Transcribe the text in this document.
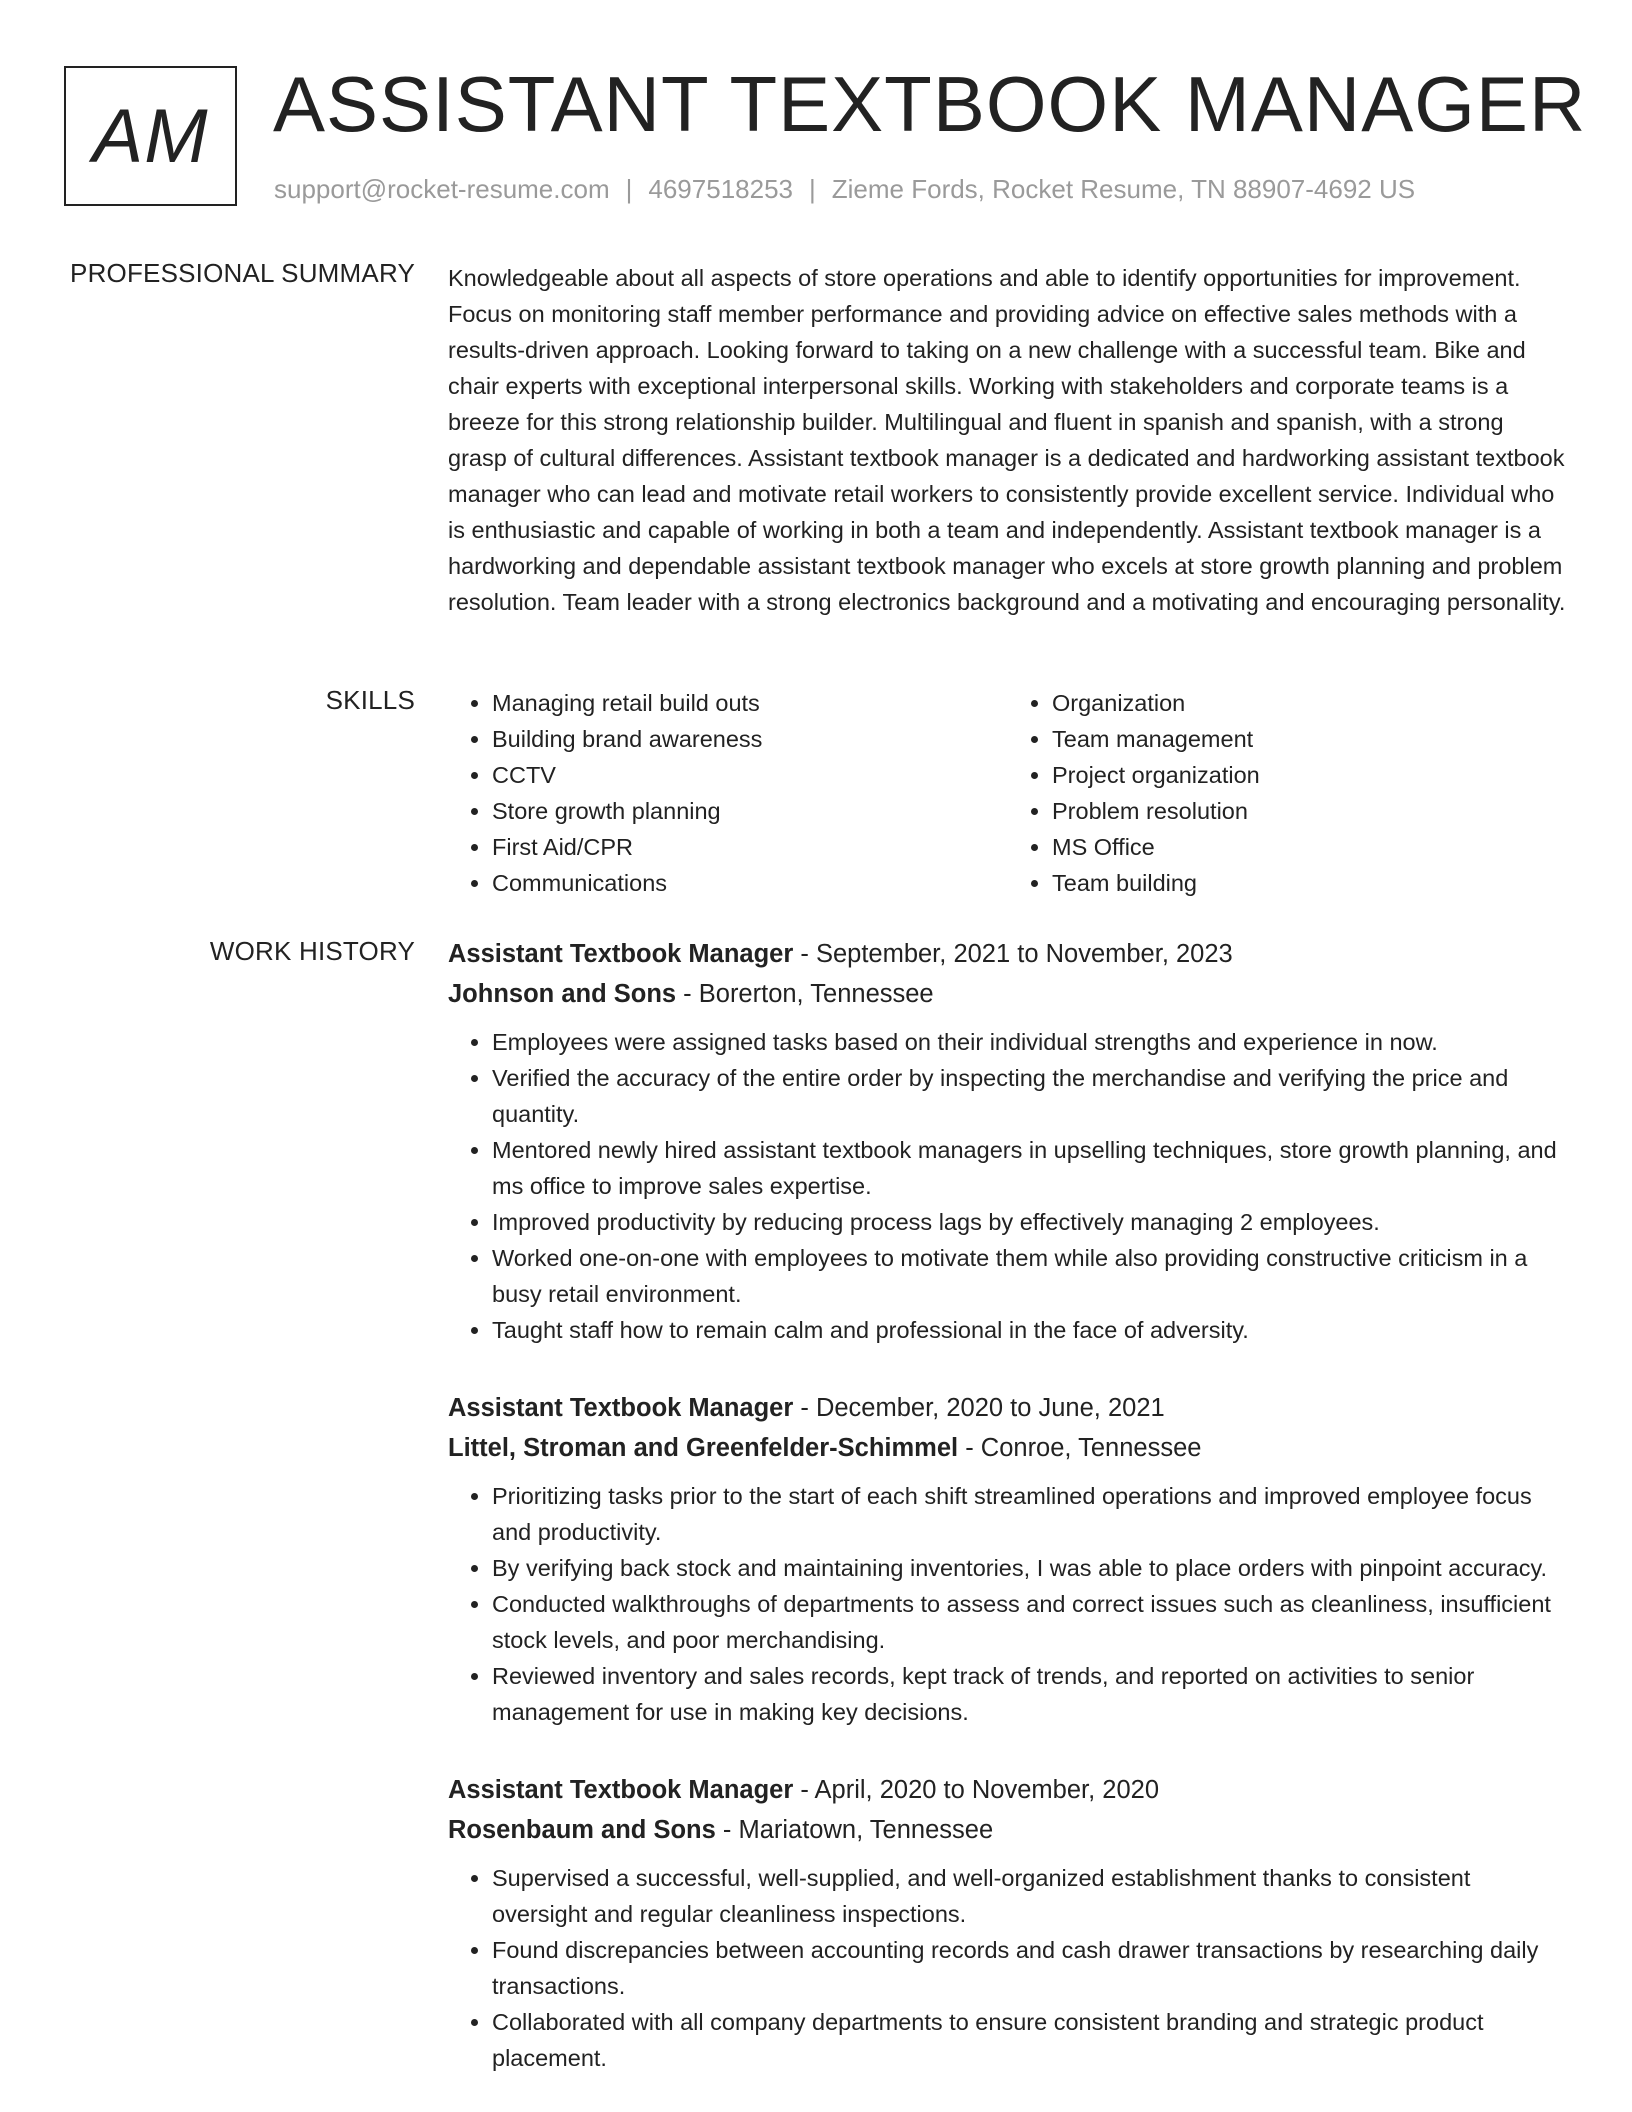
AM ASSISTANT TEXTBOOK MANAGER
support@rocket-resume.com | 4697518253 | Zieme Fords, Rocket Resume, TN 88907-4692 US
PROFESSIONAL SUMMARY Knowledgeable about all aspects of store operations and able to identify opportunities for improvement. Focus on monitoring staff member performance and providing advice on effective sales methods with a results-driven approach. Looking forward to taking on a new challenge with a successful team. Bike and chair experts with exceptional interpersonal skills. Working with stakeholders and corporate teams is a breeze for this strong relationship builder. Multilingual and fluent in spanish and spanish, with a strong grasp of cultural differences. Assistant textbook manager is a dedicated and hardworking assistant textbook manager who can lead and motivate retail workers to consistently provide excellent service. Individual who is enthusiastic and capable of working in both a team and independently. Assistant textbook manager is a hardworking and dependable assistant textbook manager who excels at store growth planning and problem resolution. Team leader with a strong electronics background and a motivating and encouraging personality.

SKILLS
•	Managing retail build outs
• Building brand awareness
• CCTV
• Store growth planning
• First Aid/CPR
• Communications
• Organization
• Team management
• Project organization
• Problem resolution
• MS Office
• Team building
WORK HISTORY Assistant Textbook Manager - September, 2021 to November, 2023
Johnson and Sons - Borerton, Tennessee
• Employees were assigned tasks based on their individual strengths and experience in now.
• Verified the accuracy of the entire order by inspecting the merchandise and verifying the price and quantity.
• Mentored newly hired assistant textbook managers in upselling techniques, store growth planning, and ms office to improve sales expertise.
• Improved productivity by reducing process lags by effectively managing 2 employees.
• Worked one-on-one with employees to motivate them while also providing constructive criticism in a busy retail environment.
• Taught staff how to remain calm and professional in the face of adversity.
Assistant Textbook Manager - December, 2020 to June, 2021
Littel, Stroman and Greenfelder-Schimmel - Conroe, Tennessee
• Prioritizing tasks prior to the start of each shift streamlined operations and improved employee focus and productivity.
• By verifying back stock and maintaining inventories, I was able to place orders with pinpoint accuracy.
• Conducted walkthroughs of departments to assess and correct issues such as cleanliness, insufficient stock levels, and poor merchandising.
• Reviewed inventory and sales records, kept track of trends, and reported on activities to senior management for use in making key decisions.
Assistant Textbook Manager - April, 2020 to November, 2020
Rosenbaum and Sons - Mariatown, Tennessee
• Supervised a successful, well-supplied, and well-organized establishment thanks to consistent oversight and regular cleanliness inspections.
• Found discrepancies between accounting records and cash drawer transactions by researching daily transactions.
• Collaborated with all company departments to ensure consistent branding and strategic product placement.
